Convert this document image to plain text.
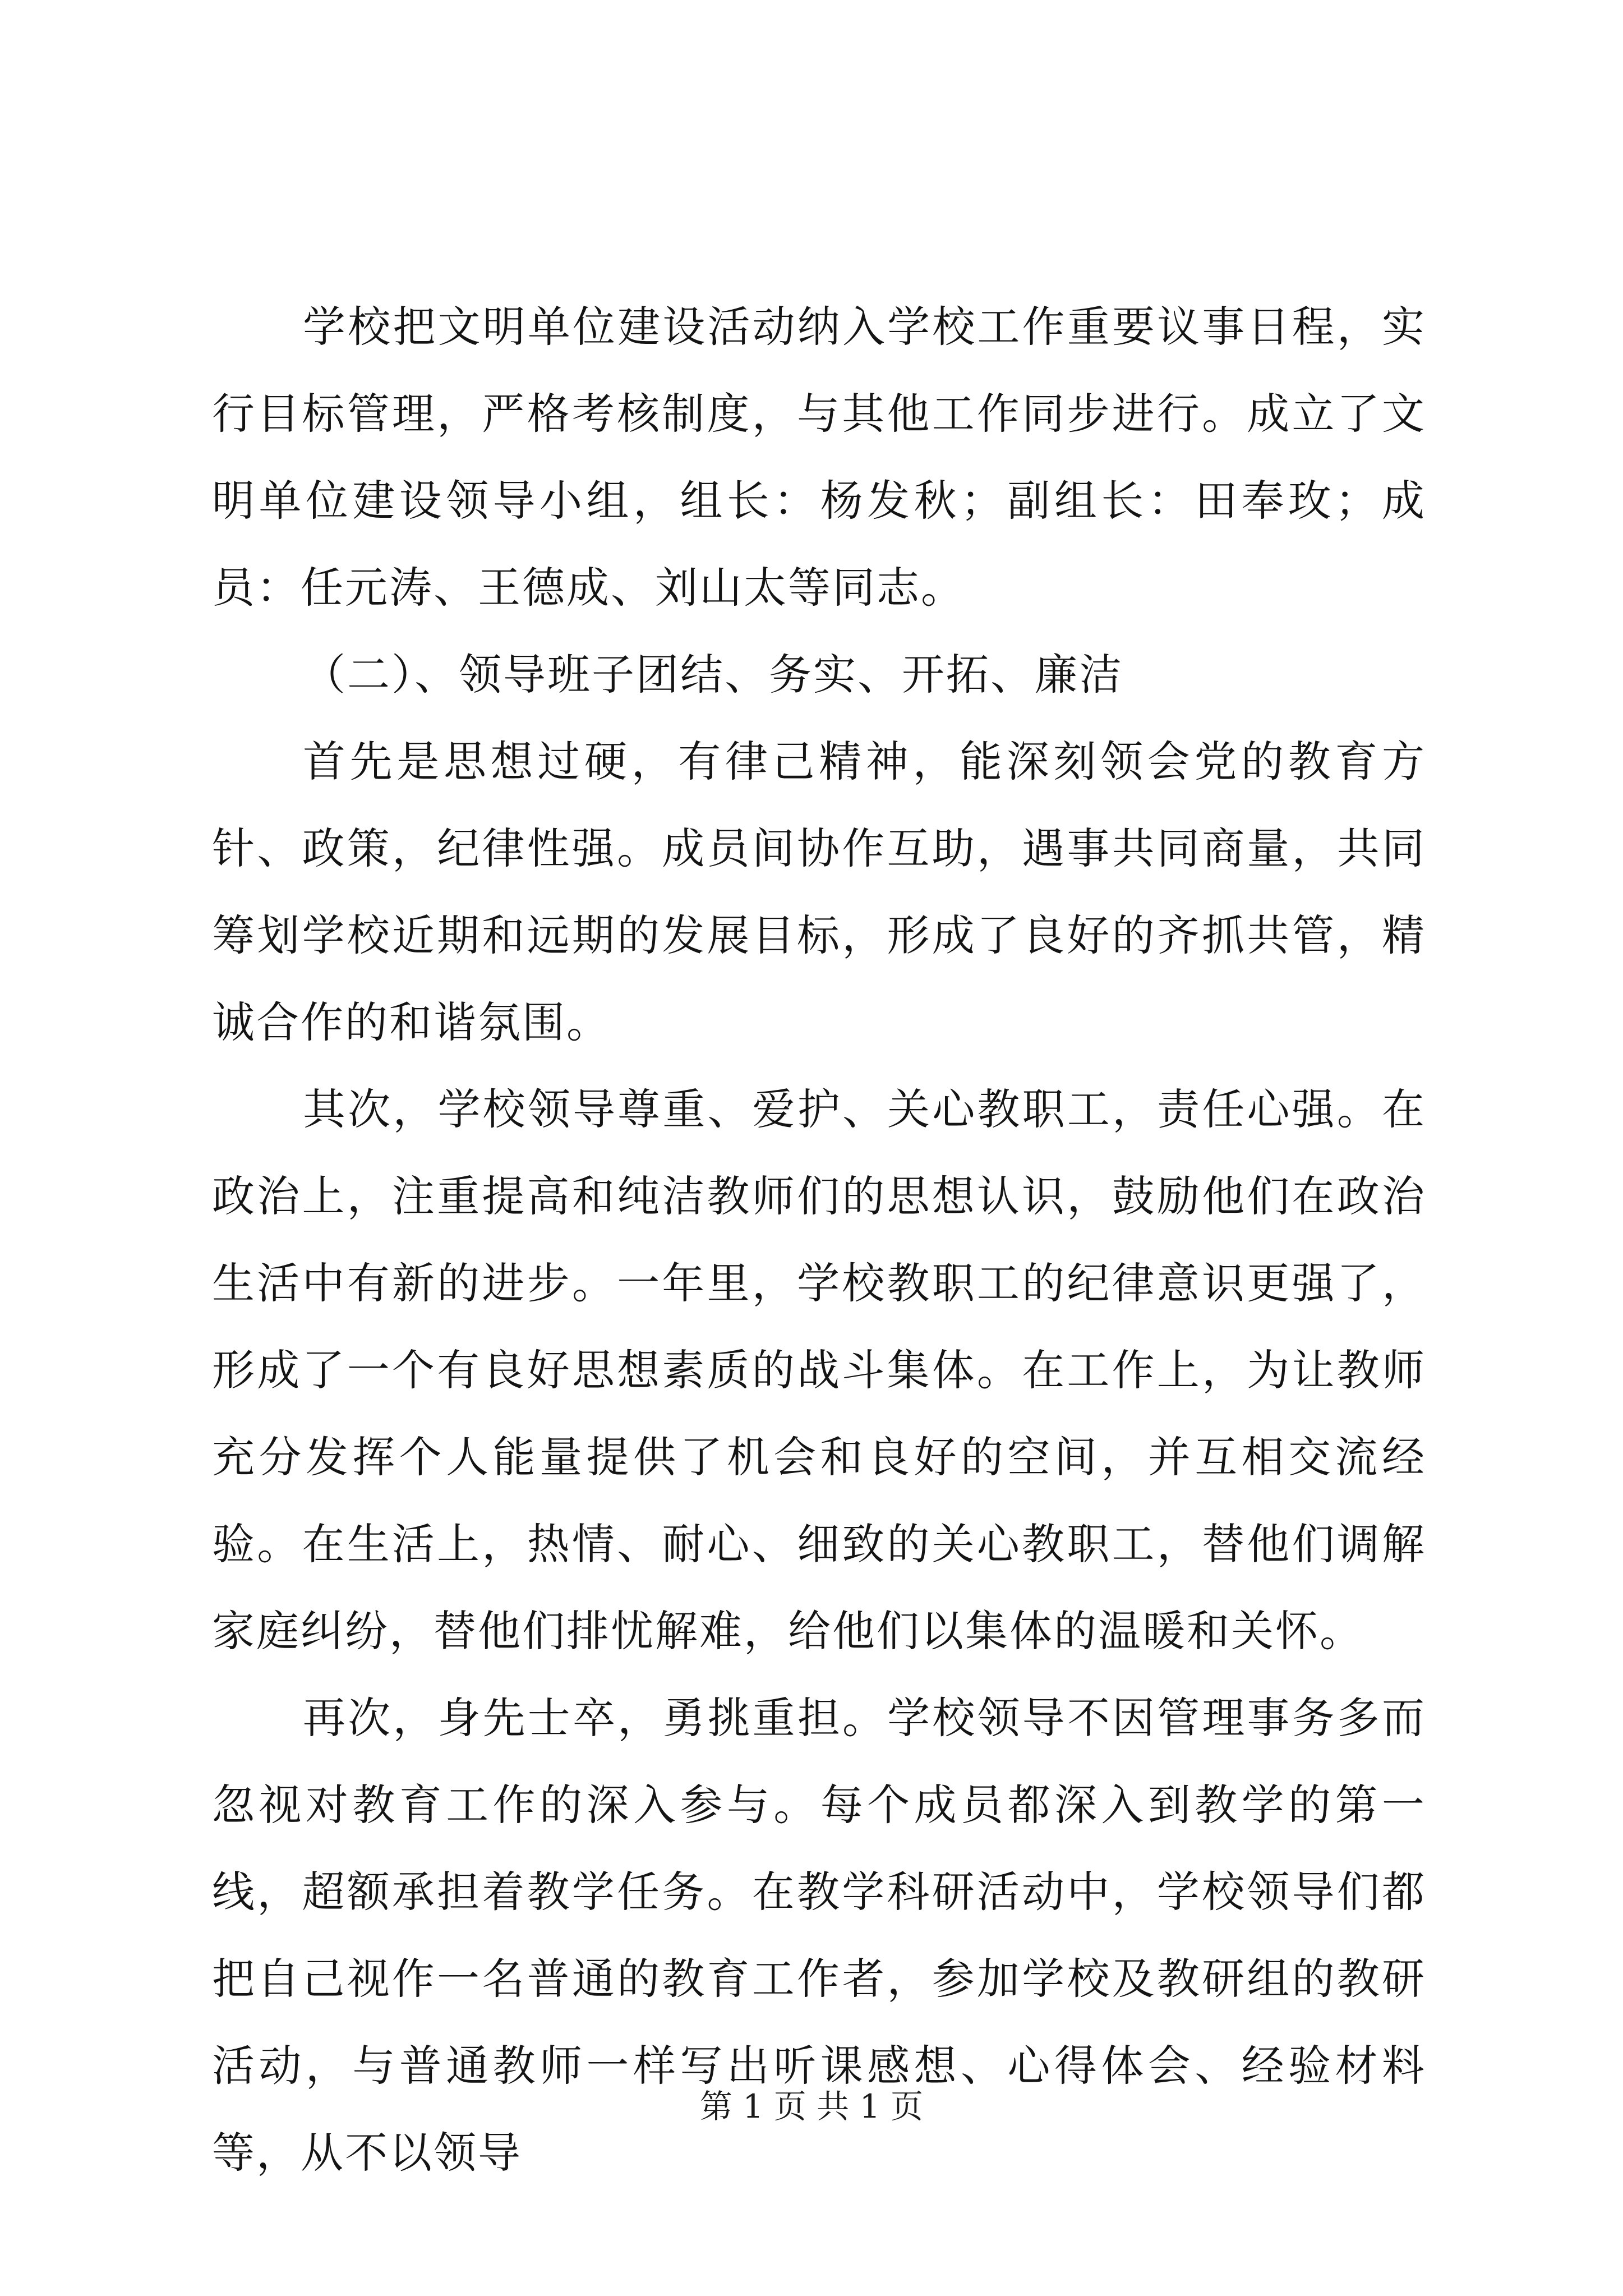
学校把文明单位建设活动纳入学校工作重要议事日程，实行目标管理，严格考核制度，与其他工作同步进行。成立了文明单位建设领导小组，组长：杨发秋；副组长：田奉玫；成员：任元涛、王德成、刘山太等同志。

（二）、领导班子团结、务实、开拓、廉洁

首先是思想过硬，有律己精神，能深刻领会党的教育方针、政策，纪律性强。成员间协作互助，遇事共同商量，共同筹划学校近期和远期的发展目标，形成了良好的齐抓共管，精诚合作的和谐氛围。

其次，学校领导尊重、爱护、关心教职工，责任心强。在政治上，注重提高和纯洁教师们的思想认识，鼓励他们在政治生活中有新的进步。一年里，学校教职工的纪律意识更强了，形成了一个有良好思想素质的战斗集体。在工作上，为让教师充分发挥个人能量提供了机会和良好的空间，并互相交流经验。在生活上，热情、耐心、细致的关心教职工，替他们调解家庭纠纷，替他们排忧解难，给他们以集体的温暖和关怀。

再次，身先士卒，勇挑重担。学校领导不因管理事务多而忽视对教育工作的深入参与。每个成员都深入到教学的第一线，超额承担着教学任务。在教学科研活动中，学校领导们都把自己视作一名普通的教育工作者，参加学校及教研组的教研活动，与普通教师一样写出听课感想、心得体会、经验材料等，从不以领导

第 1 页 共 1 页
